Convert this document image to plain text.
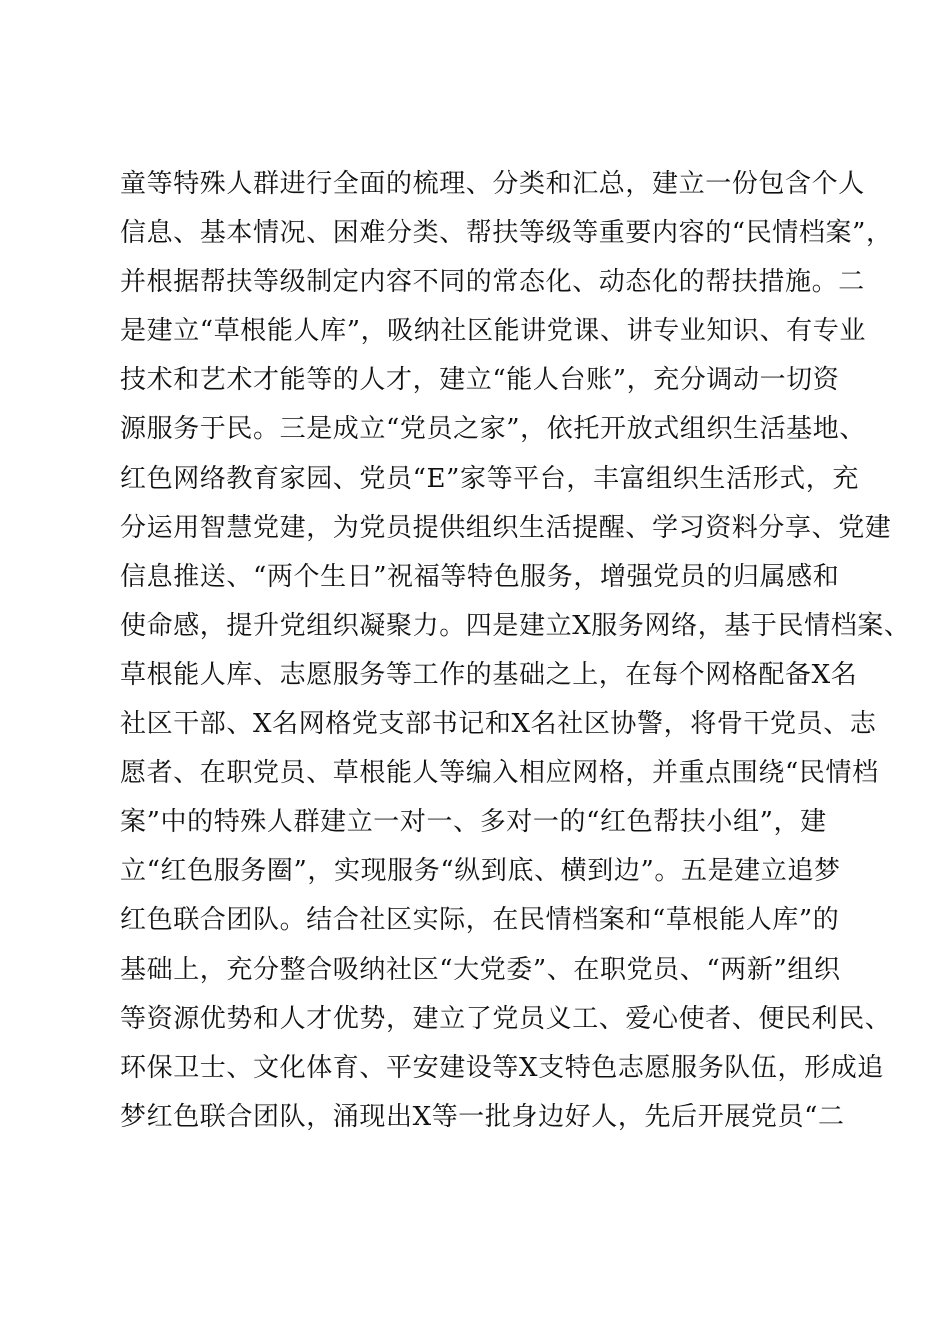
童等特殊人群进行全面的梳理、分类和汇总，建立一份包含个人
信息、基本情况、困难分类、帮扶等级等重要内容的“民情档案”，
并根据帮扶等级制定内容不同的常态化、动态化的帮扶措施。二
是建立“草根能人库”，吸纳社区能讲党课、讲专业知识、有专业
技术和艺术才能等的人才，建立“能人台账”，充分调动一切资
源服务于民。三是成立“党员之家”，依托开放式组织生活基地、
红色网络教育家园、党员“E”家等平台，丰富组织生活形式，充
分运用智慧党建，为党员提供组织生活提醒、学习资料分享、党建
信息推送、“两个生日”祝福等特色服务，增强党员的归属感和
使命感，提升党组织凝聚力。四是建立X服务网络，基于民情档案、
草根能人库、志愿服务等工作的基础之上，在每个网格配备X名
社区干部、X名网格党支部书记和X名社区协警，将骨干党员、志
愿者、在职党员、草根能人等编入相应网格，并重点围绕“民情档
案”中的特殊人群建立一对一、多对一的“红色帮扶小组”，建
立“红色服务圈”，实现服务“纵到底、横到边”。五是建立追梦
红色联合团队。结合社区实际，在民情档案和“草根能人库”的
基础上，充分整合吸纳社区“大党委”、在职党员、“两新”组织
等资源优势和人才优势，建立了党员义工、爱心使者、便民利民、
环保卫士、文化体育、平安建设等X支特色志愿服务队伍，形成追
梦红色联合团队，涌现出X等一批身边好人，先后开展党员“二
